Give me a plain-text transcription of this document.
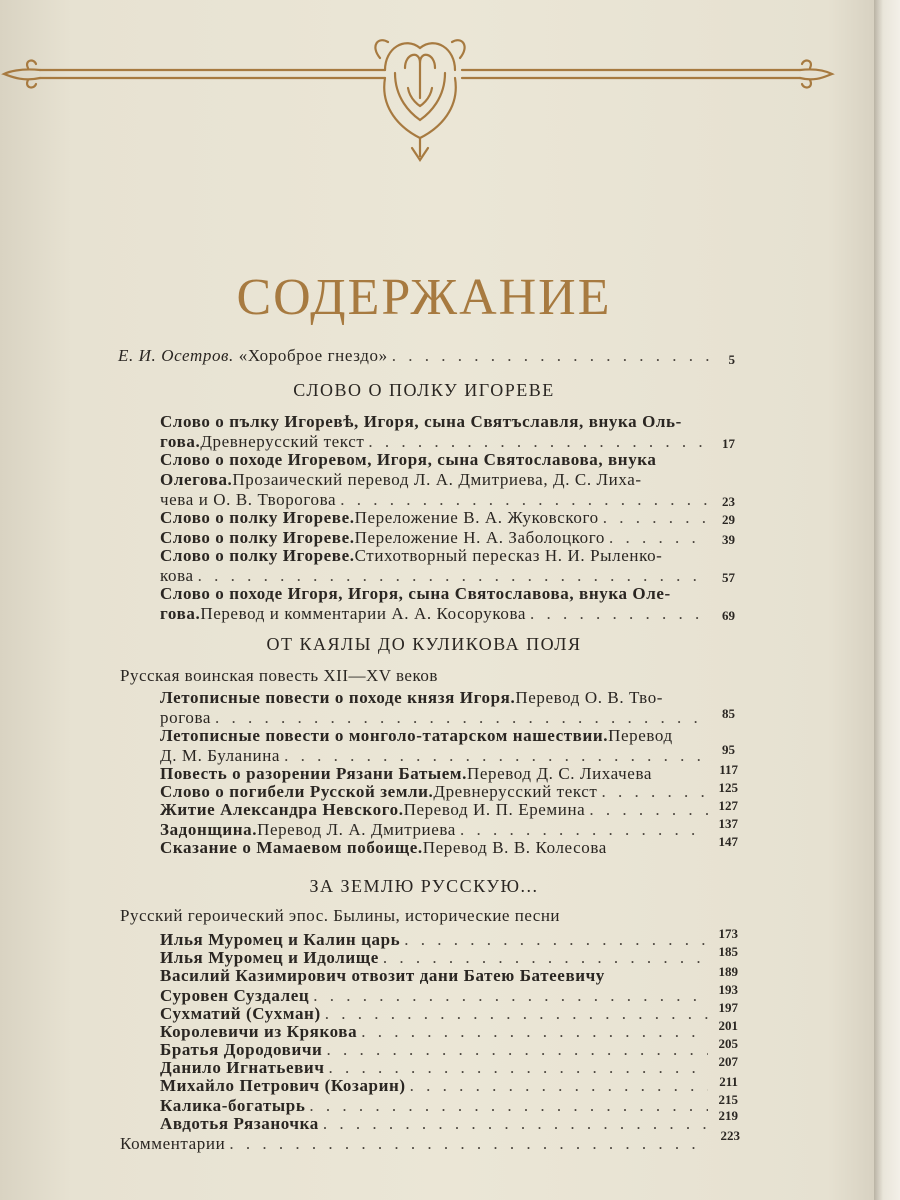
СОДЕРЖАНИЕ
Е. И. Осетров.
«Хороброе гнездо» . . .	5
СЛОВО О ПОЛКУ ИГОРЕВЕ
Слово о пълку Игоревѣ, Игоря, сына Святъславля, внука Оль-
гова. Древнерусский текст . . .	17
Слово о походе Игоревом, Игоря, сына Святославова, внука
Олегова. Прозаический перевод Л. А. Дмитриева, Д. С. Лиха-
чева и О. В. Творогова . . .	23
Слово о полку Игореве. Переложение В. А. Жуковского . . .	29
Слово о полку Игореве. Переложение Н. А. Заболоцкого . . .	39
Слово о полку Игореве. Стихотворный пересказ Н. И. Рыленко-
кова . . .	57
Слово о походе Игоря, Игоря, сына Святославова, внука Оле-
гова. Перевод и комментарии А. А. Косорукова . . .	69
ОТ КАЯЛЫ ДО КУЛИКОВА ПОЛЯ
Русская воинская повесть XII—XV веков
Летописные повести о походе князя Игоря. Перевод О. В. Тво-
рогова . . .	85
Летописные повести о монголо-татарском нашествии. Перевод
Д. М. Буланина . . .	95
Повесть о разорении Рязани Батыем. Перевод Д. С. Лихачева	117
Слово о погибели Русской земли. Древнерусский текст . . .	125
Житие Александра Невского. Перевод И. П. Еремина . . .	127
Задонщина. Перевод Л. А. Дмитриева . . .	137
Сказание о Мамаевом побоище. Перевод В. В. Колесова	147
ЗА ЗЕМЛЮ РУССКУЮ...
Русский героический эпос. Былины, исторические песни
Илья Муромец и Калин царь . . .	173
Илья Муромец и Идолище . . .	185
Василий Казимирович отвозит дани Батею Батеевичу	189
Суровен Суздалец . . .	193
Сухматий (Сухман) . . .	197
Королевичи из Крякова . . .	201
Братья Дородовичи . . .	205
Данило Игнатьевич . . .	207
Михайло Петрович (Козарин) . . .	211
Калика-богатырь . . .	215
Авдотья Рязаночка . . .	219
Комментарии . . .	223
